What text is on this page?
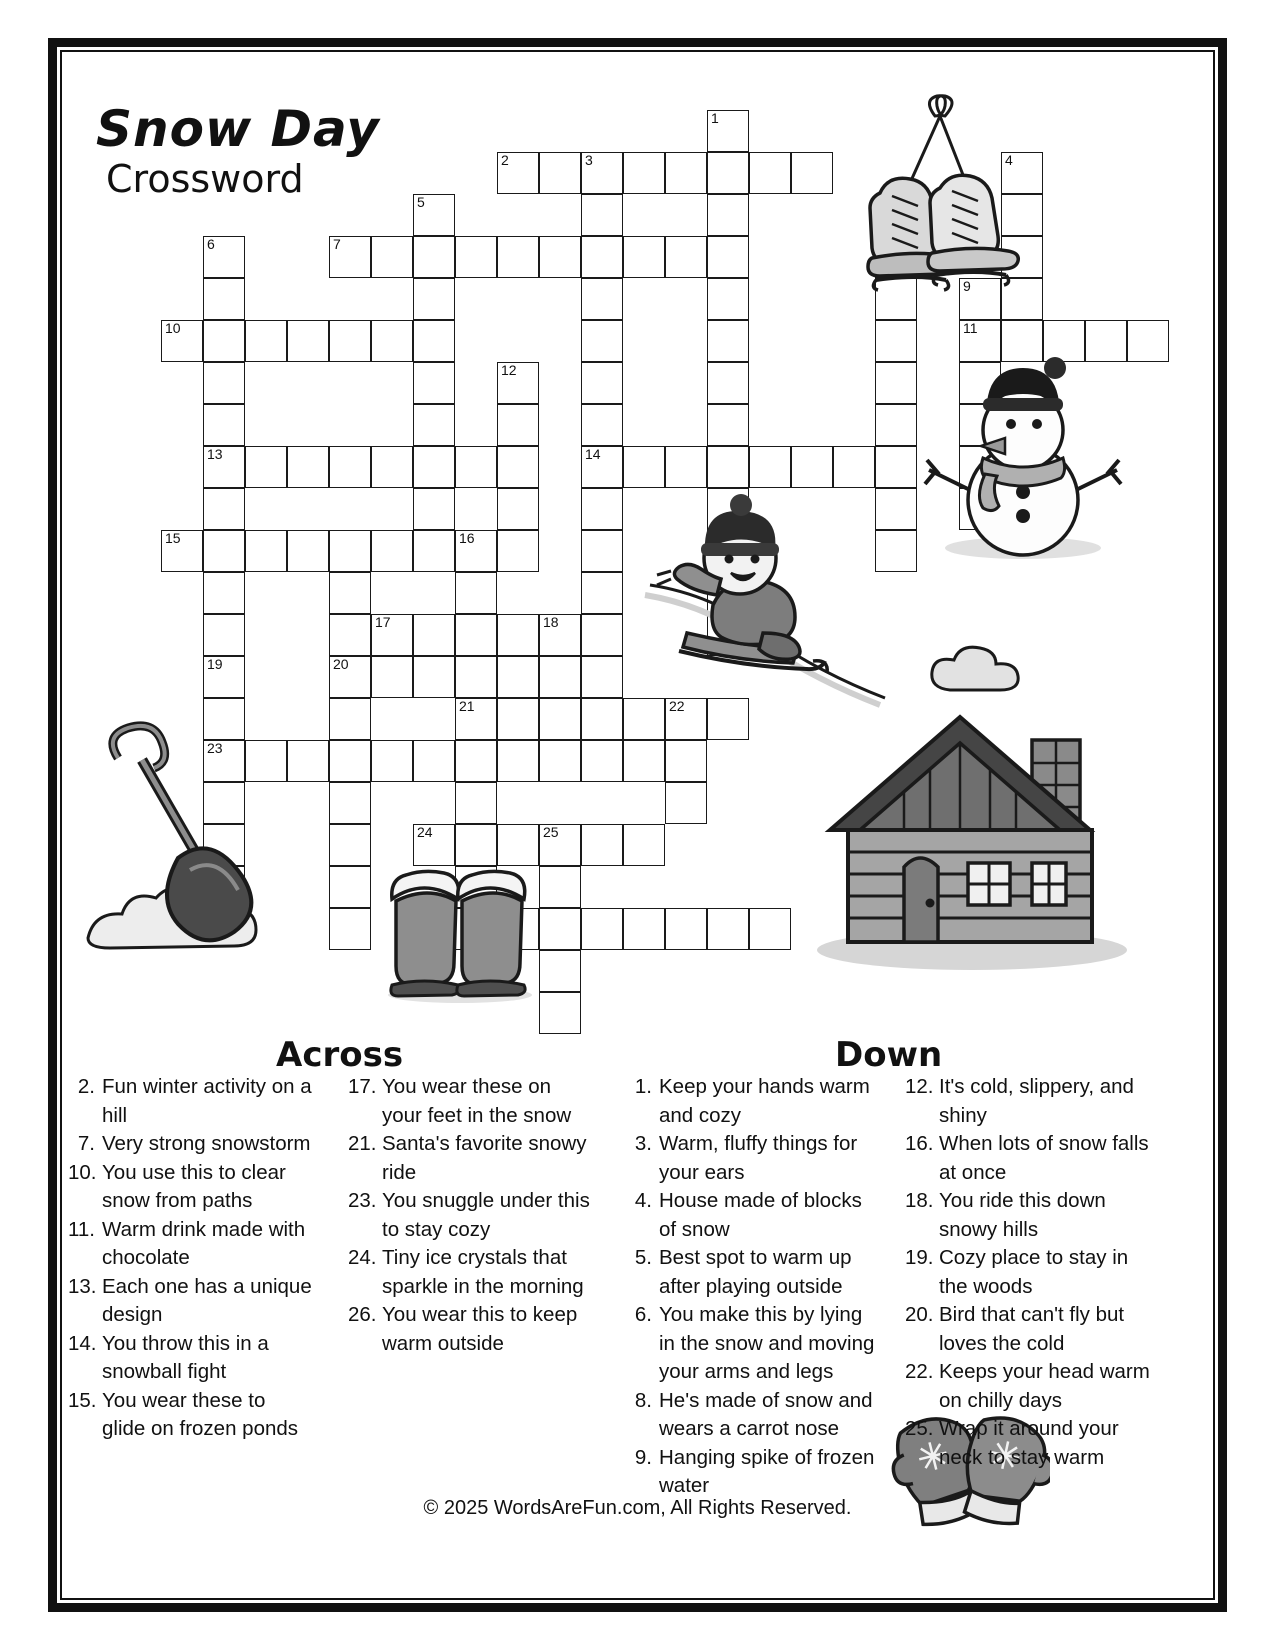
Snow Day
Crossword
1
2	3	4
5
6	7
9
10	11
12
13	14
15	16
17	18
19	20
21	22
23
24	25
Across	Down
2. Fun winter activity on a hill
7. Very strong snowstorm
10. You use this to clear snow from paths
11. Warm drink made with chocolate
13. Each one has a unique design
14. You throw this in a snowball fight
15. You wear these to glide on frozen ponds
17. You wear these on your feet in the snow
21. Santa's favorite snowy ride
23. You snuggle under this to stay cozy
24. Tiny ice crystals that sparkle in the morning
26. You wear this to keep warm outside
1. Keep your hands warm and cozy
3. Warm, fluffy things for your ears
4. House made of blocks of snow
5. Best spot to warm up after playing outside
6. You make this by lying in the snow and moving your arms and legs
8. He's made of snow and wears a carrot nose
9. Hanging spike of frozen water
12. It's cold, slippery, and shiny
16. When lots of snow falls at once
18. You ride this down snowy hills
19. Cozy place to stay in the woods
20. Bird that can't fly but loves the cold
22. Keeps your head warm on chilly days
25. Wrap it around your neck to stay warm
© 2025 WordsAreFun.com, All Rights Reserved.
